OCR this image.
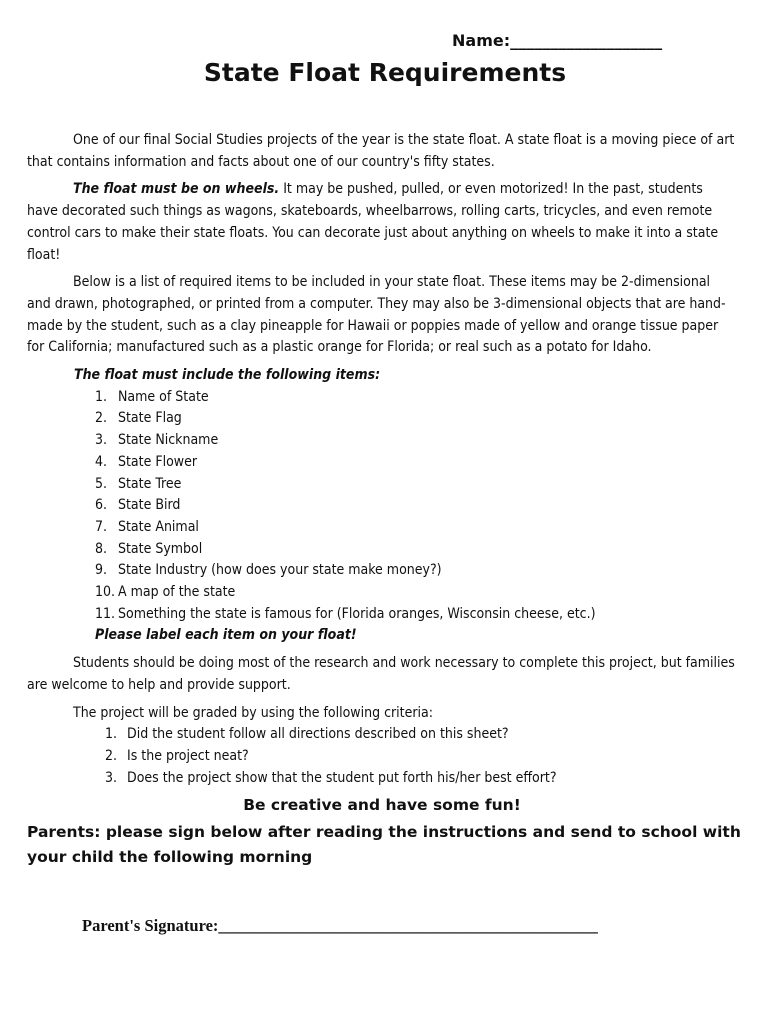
Name:___________________
State Float Requirements

One of our final Social Studies projects of the year is the state float. A state float is a moving piece of art that contains information and facts about one of our country's fifty states.

The float must be on wheels. It may be pushed, pulled, or even motorized! In the past, students have decorated such things as wagons, skateboards, wheelbarrows, rolling carts, tricycles, and even remote control cars to make their state floats. You can decorate just about anything on wheels to make it into a state float!

Below is a list of required items to be included in your state float. These items may be 2-dimensional and drawn, photographed, or printed from a computer. They may also be 3-dimensional objects that are hand-made by the student, such as a clay pineapple for Hawaii or poppies made of yellow and orange tissue paper for California; manufactured such as a plastic orange for Florida; or real such as a potato for Idaho.

The float must include the following items:

1. Name of State
2. State Flag
3. State Nickname
4. State Flower
5. State Tree
6. State Bird
7. State Animal
8. State Symbol
9. State Industry (how does your state make money?)
10. A map of the state
11. Something the state is famous for (Florida oranges, Wisconsin cheese, etc.)

Please label each item on your float!

Students should be doing most of the research and work necessary to complete this project, but families are welcome to help and provide support.

The project will be graded by using the following criteria:

1. Did the student follow all directions described on this sheet?
2. Is the project neat?
3. Does the project show that the student put forth his/her best effort?

Be creative and have some fun!

Parents: please sign below after reading the instructions and send to school with your child the following morning

Parent's Signature:______________________________________________
